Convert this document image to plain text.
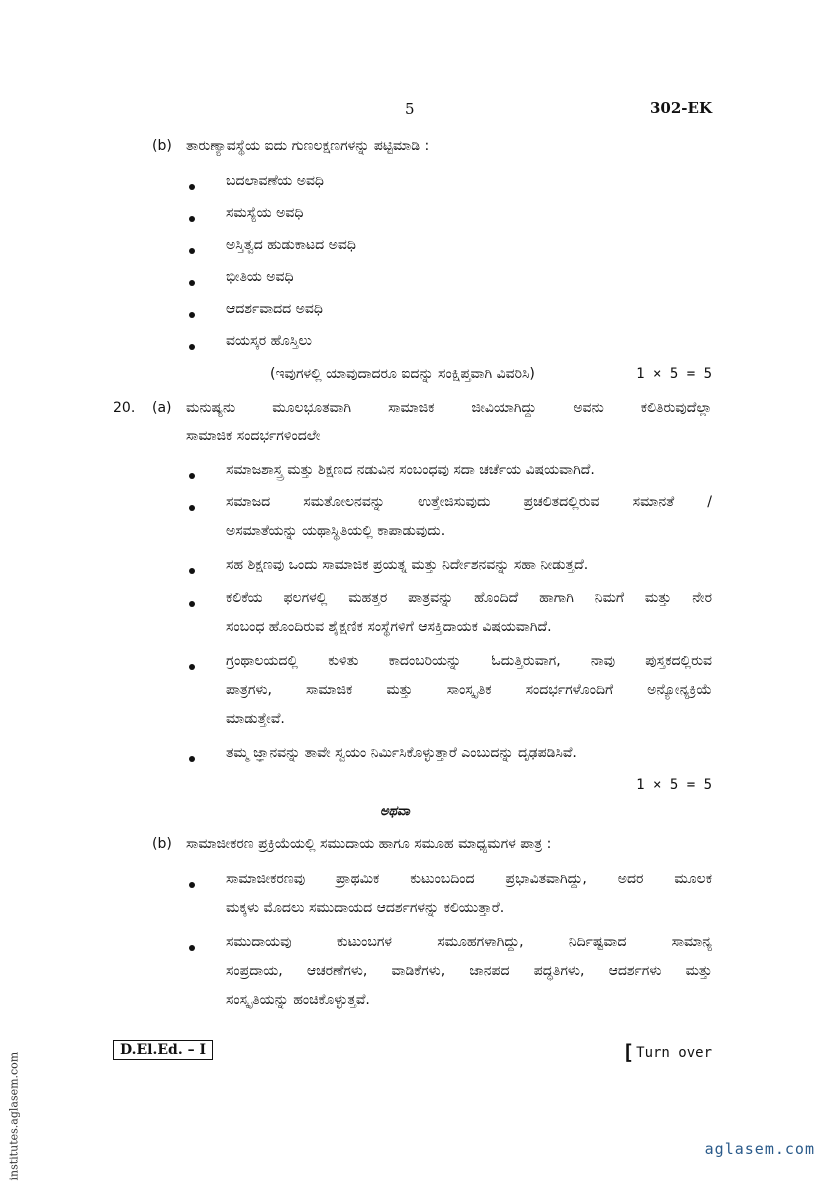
5	302-EK
(b) ತಾರುಣ್ಯಾವಸ್ಥೆಯ ಐದು ಗುಣಲಕ್ಷಣಗಳನ್ನು ಪಟ್ಟಿಮಾಡಿ :
ಬದಲಾವಣೆಯ ಅವಧಿ
ಸಮಸ್ಯೆಯ ಅವಧಿ
ಅಸ್ತಿತ್ವದ ಹುಡುಕಾಟದ ಅವಧಿ
ಭೀತಿಯ ಅವಧಿ
ಆದರ್ಶವಾದದ ಅವಧಿ
ವಯಸ್ಕರ ಹೊಸ್ತಿಲು
(ಇವುಗಳಲ್ಲಿ ಯಾವುದಾದರೂ ಐದನ್ನು ಸಂಕ್ಷಿಪ್ತವಾಗಿ ವಿವರಿಸಿ)	1 × 5 = 5
20. (a) ಮನುಷ್ಯನು ಮೂಲಭೂತವಾಗಿ ಸಾಮಾಜಿಕ ಜೀವಿಯಾಗಿದ್ದು ಅವನು ಕಲಿತಿರುವುದೆಲ್ಲಾ
ಸಾಮಾಜಿಕ ಸಂದರ್ಭಗಳಿಂದಲೇ
ಸಮಾಜಶಾಸ್ತ್ರ ಮತ್ತು ಶಿಕ್ಷಣದ ನಡುವಿನ ಸಂಬಂಧವು ಸದಾ ಚರ್ಚೆಯ ವಿಷಯವಾಗಿದೆ.
ಸಮಾಜದ ಸಮತೋಲನವನ್ನು ಉತ್ತೇಜಿಸುವುದು ಪ್ರಚಲಿತದಲ್ಲಿರುವ ಸಮಾನತೆ /
ಅಸಮಾತೆಯನ್ನು ಯಥಾಸ್ಥಿತಿಯಲ್ಲಿ ಕಾಪಾಡುವುದು.
ಸಹ ಶಿಕ್ಷಣವು ಒಂದು ಸಾಮಾಜಿಕ ಪ್ರಯತ್ನ ಮತ್ತು ನಿರ್ದೇಶನವನ್ನು ಸಹಾ ನೀಡುತ್ತದೆ.
ಕಲಿಕೆಯ ಫಲಗಳಲ್ಲಿ ಮಹತ್ತರ ಪಾತ್ರವನ್ನು ಹೊಂದಿದೆ ಹಾಗಾಗಿ ನಿಮಗೆ ಮತ್ತು ನೇರ
ಸಂಬಂಧ ಹೊಂದಿರುವ ಶೈಕ್ಷಣಿಕ ಸಂಸ್ಥೆಗಳಿಗೆ ಆಸಕ್ತಿದಾಯಕ ವಿಷಯವಾಗಿದೆ.
ಗ್ರಂಥಾಲಯದಲ್ಲಿ ಕುಳಿತು ಕಾದಂಬರಿಯನ್ನು ಓದುತ್ತಿರುವಾಗ, ನಾವು ಪುಸ್ತಕದಲ್ಲಿರುವ
ಪಾತ್ರಗಳು, ಸಾಮಾಜಿಕ ಮತ್ತು ಸಾಂಸ್ಕೃತಿಕ ಸಂದರ್ಭಗಳೊಂದಿಗೆ ಅನ್ಯೋನ್ಯಕ್ರಿಯೆ
ಮಾಡುತ್ತೇವೆ.
ತಮ್ಮ ಜ್ಞಾನವನ್ನು ತಾವೇ ಸ್ವಯಂ ನಿರ್ಮಿಸಿಕೊಳ್ಳುತ್ತಾರೆ ಎಂಬುದನ್ನು ದೃಢಪಡಿಸಿವೆ.
1 × 5 = 5
ಅಥವಾ
(b) ಸಾಮಾಜೀಕರಣ ಪ್ರಕ್ರಿಯೆಯಲ್ಲಿ ಸಮುದಾಯ ಹಾಗೂ ಸಮೂಹ ಮಾಧ್ಯಮಗಳ ಪಾತ್ರ :
ಸಾಮಾಜೀಕರಣವು ಪ್ರಾಥಮಿಕ ಕುಟುಂಬದಿಂದ ಪ್ರಭಾವಿತವಾಗಿದ್ದು, ಅದರ ಮೂಲಕ
ಮಕ್ಕಳು ಮೊದಲು ಸಮುದಾಯದ ಆದರ್ಶಗಳನ್ನು ಕಲಿಯುತ್ತಾರೆ.
ಸಮುದಾಯವು ಕುಟುಂಬಗಳ ಸಮೂಹಗಳಾಗಿದ್ದು, ನಿರ್ದಿಷ್ಟವಾದ ಸಾಮಾನ್ಯ
ಸಂಪ್ರದಾಯ, ಆಚರಣೆಗಳು, ವಾಡಿಕೆಗಳು, ಜಾನಪದ ಪದ್ಧತಿಗಳು, ಆದರ್ಶಗಳು ಮತ್ತು
ಸಂಸ್ಕೃತಿಯನ್ನು ಹಂಚಿಕೊಳ್ಳುತ್ತವೆ.
D.El.Ed. – I	[ Turn over
institutes.aglasem.com	aglasem.com
